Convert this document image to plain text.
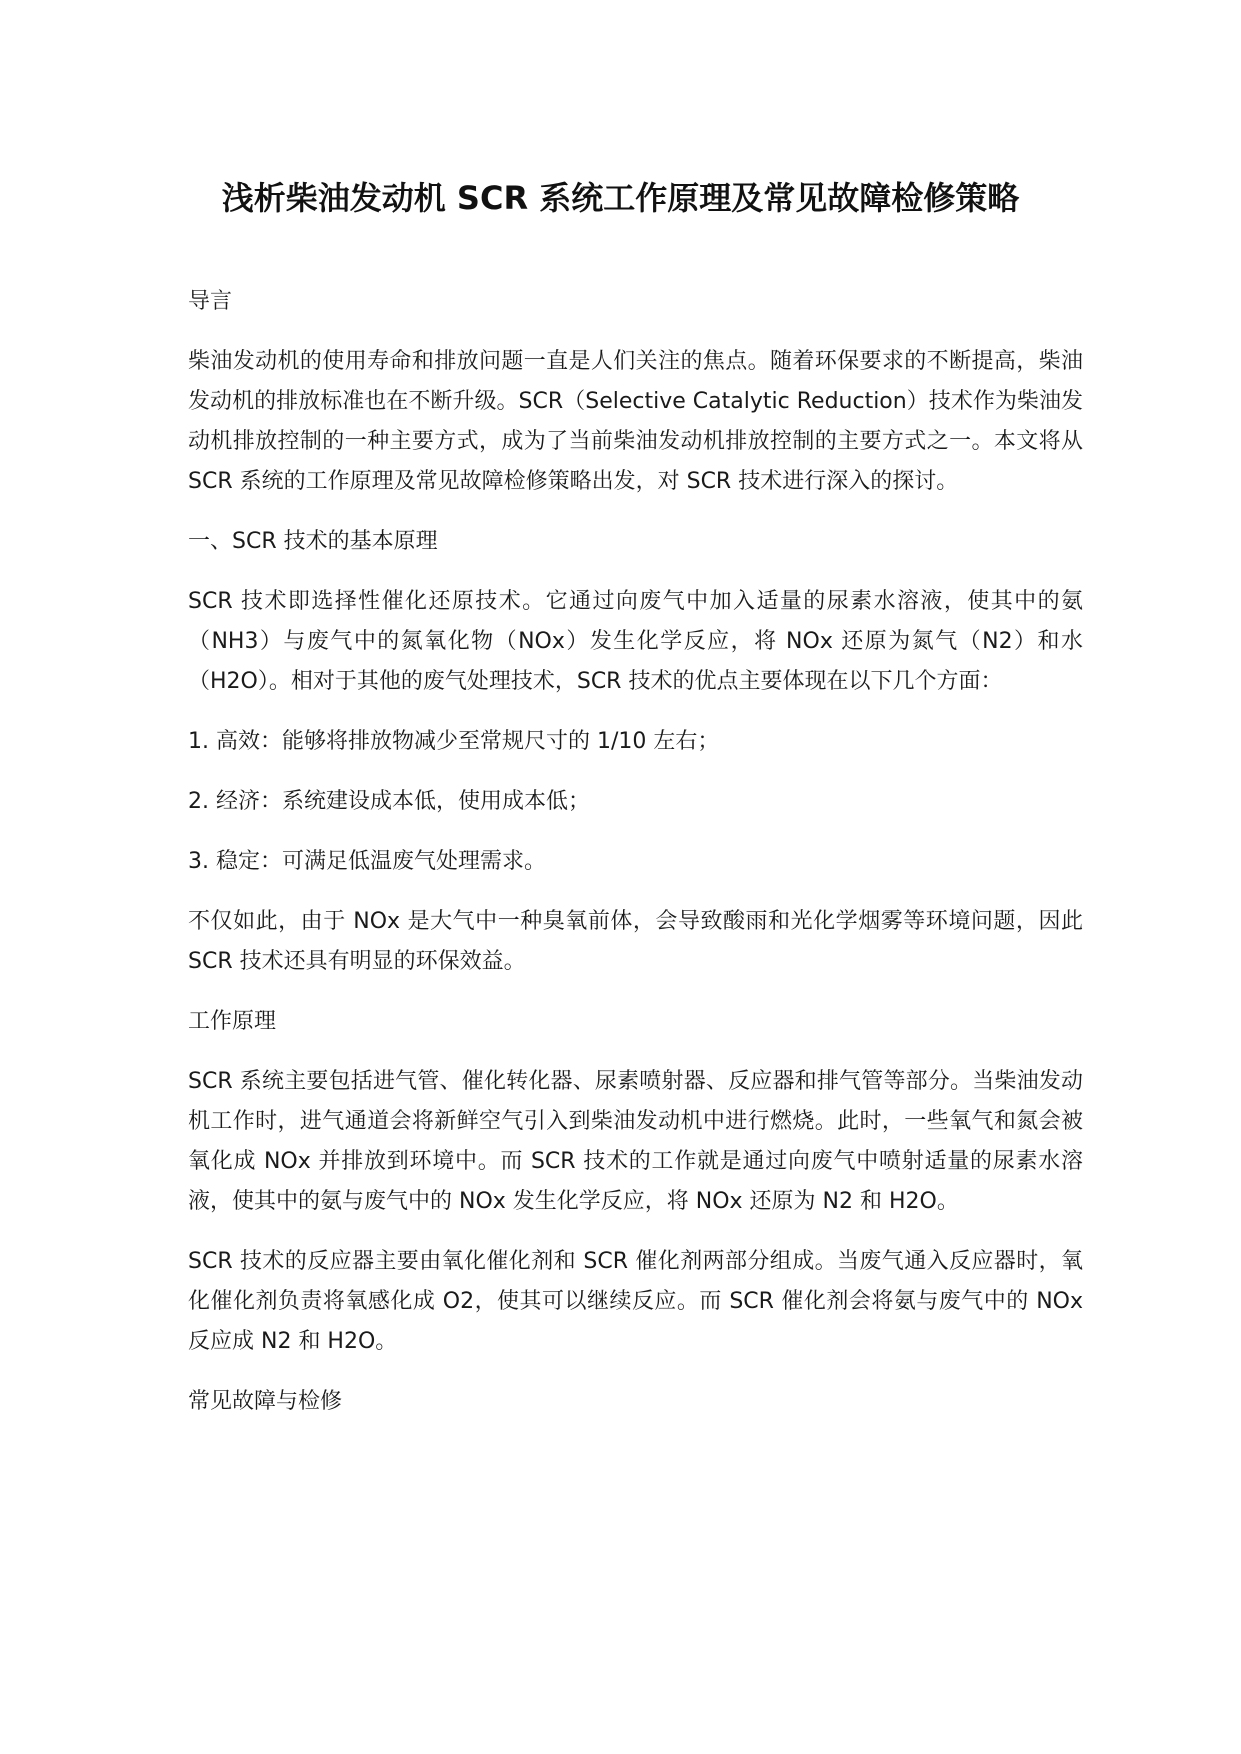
浅析柴油发动机 SCR 系统工作原理及常见故障检修策略

导言

柴油发动机的使用寿命和排放问题一直是人们关注的焦点。随着环保要求的不断提高，柴油发动机的排放标准也在不断升级。SCR（Selective Catalytic Reduction）技术作为柴油发动机排放控制的一种主要方式，成为了当前柴油发动机排放控制的主要方式之一。本文将从 SCR 系统的工作原理及常见故障检修策略出发，对 SCR 技术进行深入的探讨。

一、SCR 技术的基本原理

SCR 技术即选择性催化还原技术。它通过向废气中加入适量的尿素水溶液，使其中的氨（NH3）与废气中的氮氧化物（NOx）发生化学反应，将 NOx 还原为氮气（N2）和水（H2O）。相对于其他的废气处理技术，SCR 技术的优点主要体现在以下几个方面：

1. 高效：能够将排放物减少至常规尺寸的 1/10 左右；

2. 经济：系统建设成本低，使用成本低；

3. 稳定：可满足低温废气处理需求。

不仅如此，由于 NOx 是大气中一种臭氧前体，会导致酸雨和光化学烟雾等环境问题，因此 SCR 技术还具有明显的环保效益。

工作原理

SCR 系统主要包括进气管、催化转化器、尿素喷射器、反应器和排气管等部分。当柴油发动机工作时，进气通道会将新鲜空气引入到柴油发动机中进行燃烧。此时，一些氧气和氮会被氧化成 NOx 并排放到环境中。而 SCR 技术的工作就是通过向废气中喷射适量的尿素水溶液，使其中的氨与废气中的 NOx 发生化学反应，将 NOx 还原为 N2 和 H2O。

SCR 技术的反应器主要由氧化催化剂和 SCR 催化剂两部分组成。当废气通入反应器时，氧化催化剂负责将氧感化成 O2，使其可以继续反应。而 SCR 催化剂会将氨与废气中的 NOx 反应成 N2 和 H2O。

常见故障与检修
